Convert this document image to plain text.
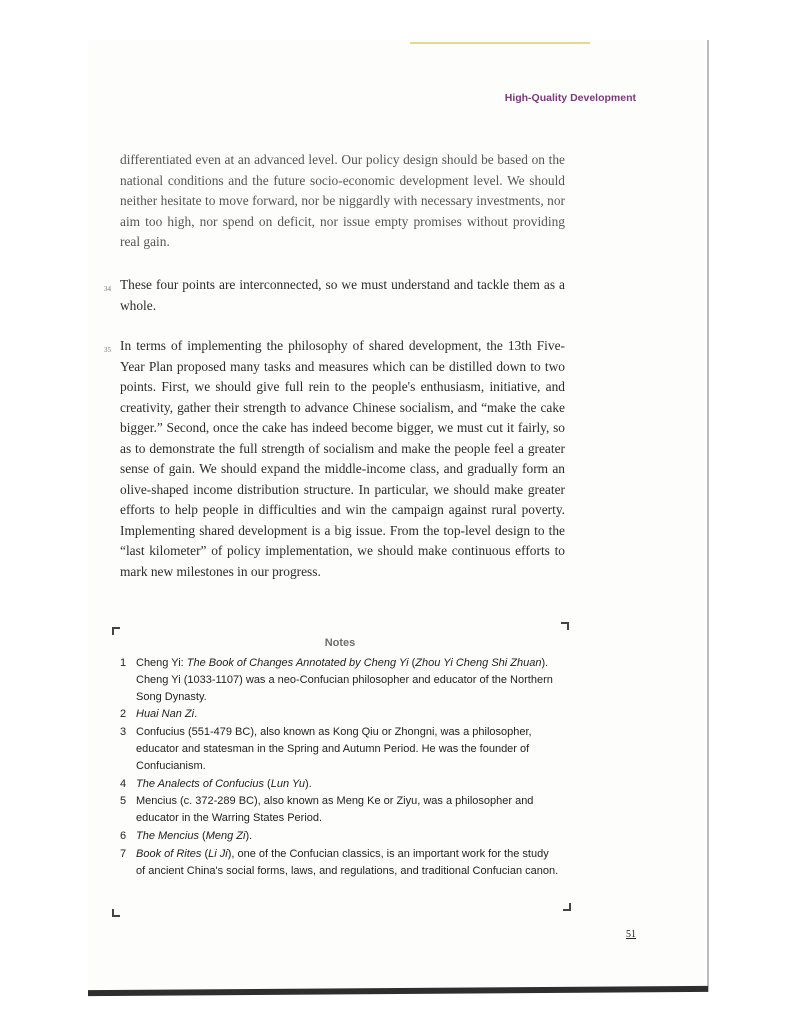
High-Quality Development

differentiated even at an advanced level. Our policy design should be based on the national conditions and the future socio-economic development level. We should neither hesitate to move forward, nor be niggardly with necessary investments, nor aim too high, nor spend on deficit, nor issue empty promises without providing real gain.

34 These four points are interconnected, so we must understand and tackle them as a whole.

35 In terms of implementing the philosophy of shared development, the 13th Five-Year Plan proposed many tasks and measures which can be distilled down to two points. First, we should give full rein to the people's enthusiasm, initiative, and creativity, gather their strength to advance Chinese socialism, and “make the cake bigger.” Second, once the cake has indeed become bigger, we must cut it fairly, so as to demonstrate the full strength of socialism and make the people feel a greater sense of gain. We should expand the middle-income class, and gradually form an olive-shaped income distribution structure. In particular, we should make greater efforts to help people in difficulties and win the campaign against rural poverty. Implementing shared development is a big issue. From the top-level design to the “last kilometer” of policy implementation, we should make continuous efforts to mark new milestones in our progress.

Notes
1 Cheng Yi: The Book of Changes Annotated by Cheng Yi (Zhou Yi Cheng Shi Zhuan). Cheng Yi (1033-1107) was a neo-Confucian philosopher and educator of the Northern Song Dynasty.
2 Huai Nan Zi.
3 Confucius (551-479 BC), also known as Kong Qiu or Zhongni, was a philosopher, educator and statesman in the Spring and Autumn Period. He was the founder of Confucianism.
4 The Analects of Confucius (Lun Yu).
5 Mencius (c. 372-289 BC), also known as Meng Ke or Ziyu, was a philosopher and educator in the Warring States Period.
6 The Mencius (Meng Zi).
7 Book of Rites (Li Ji), one of the Confucian classics, is an important work for the study of ancient China's social forms, laws, and regulations, and traditional Confucian canon.
51
